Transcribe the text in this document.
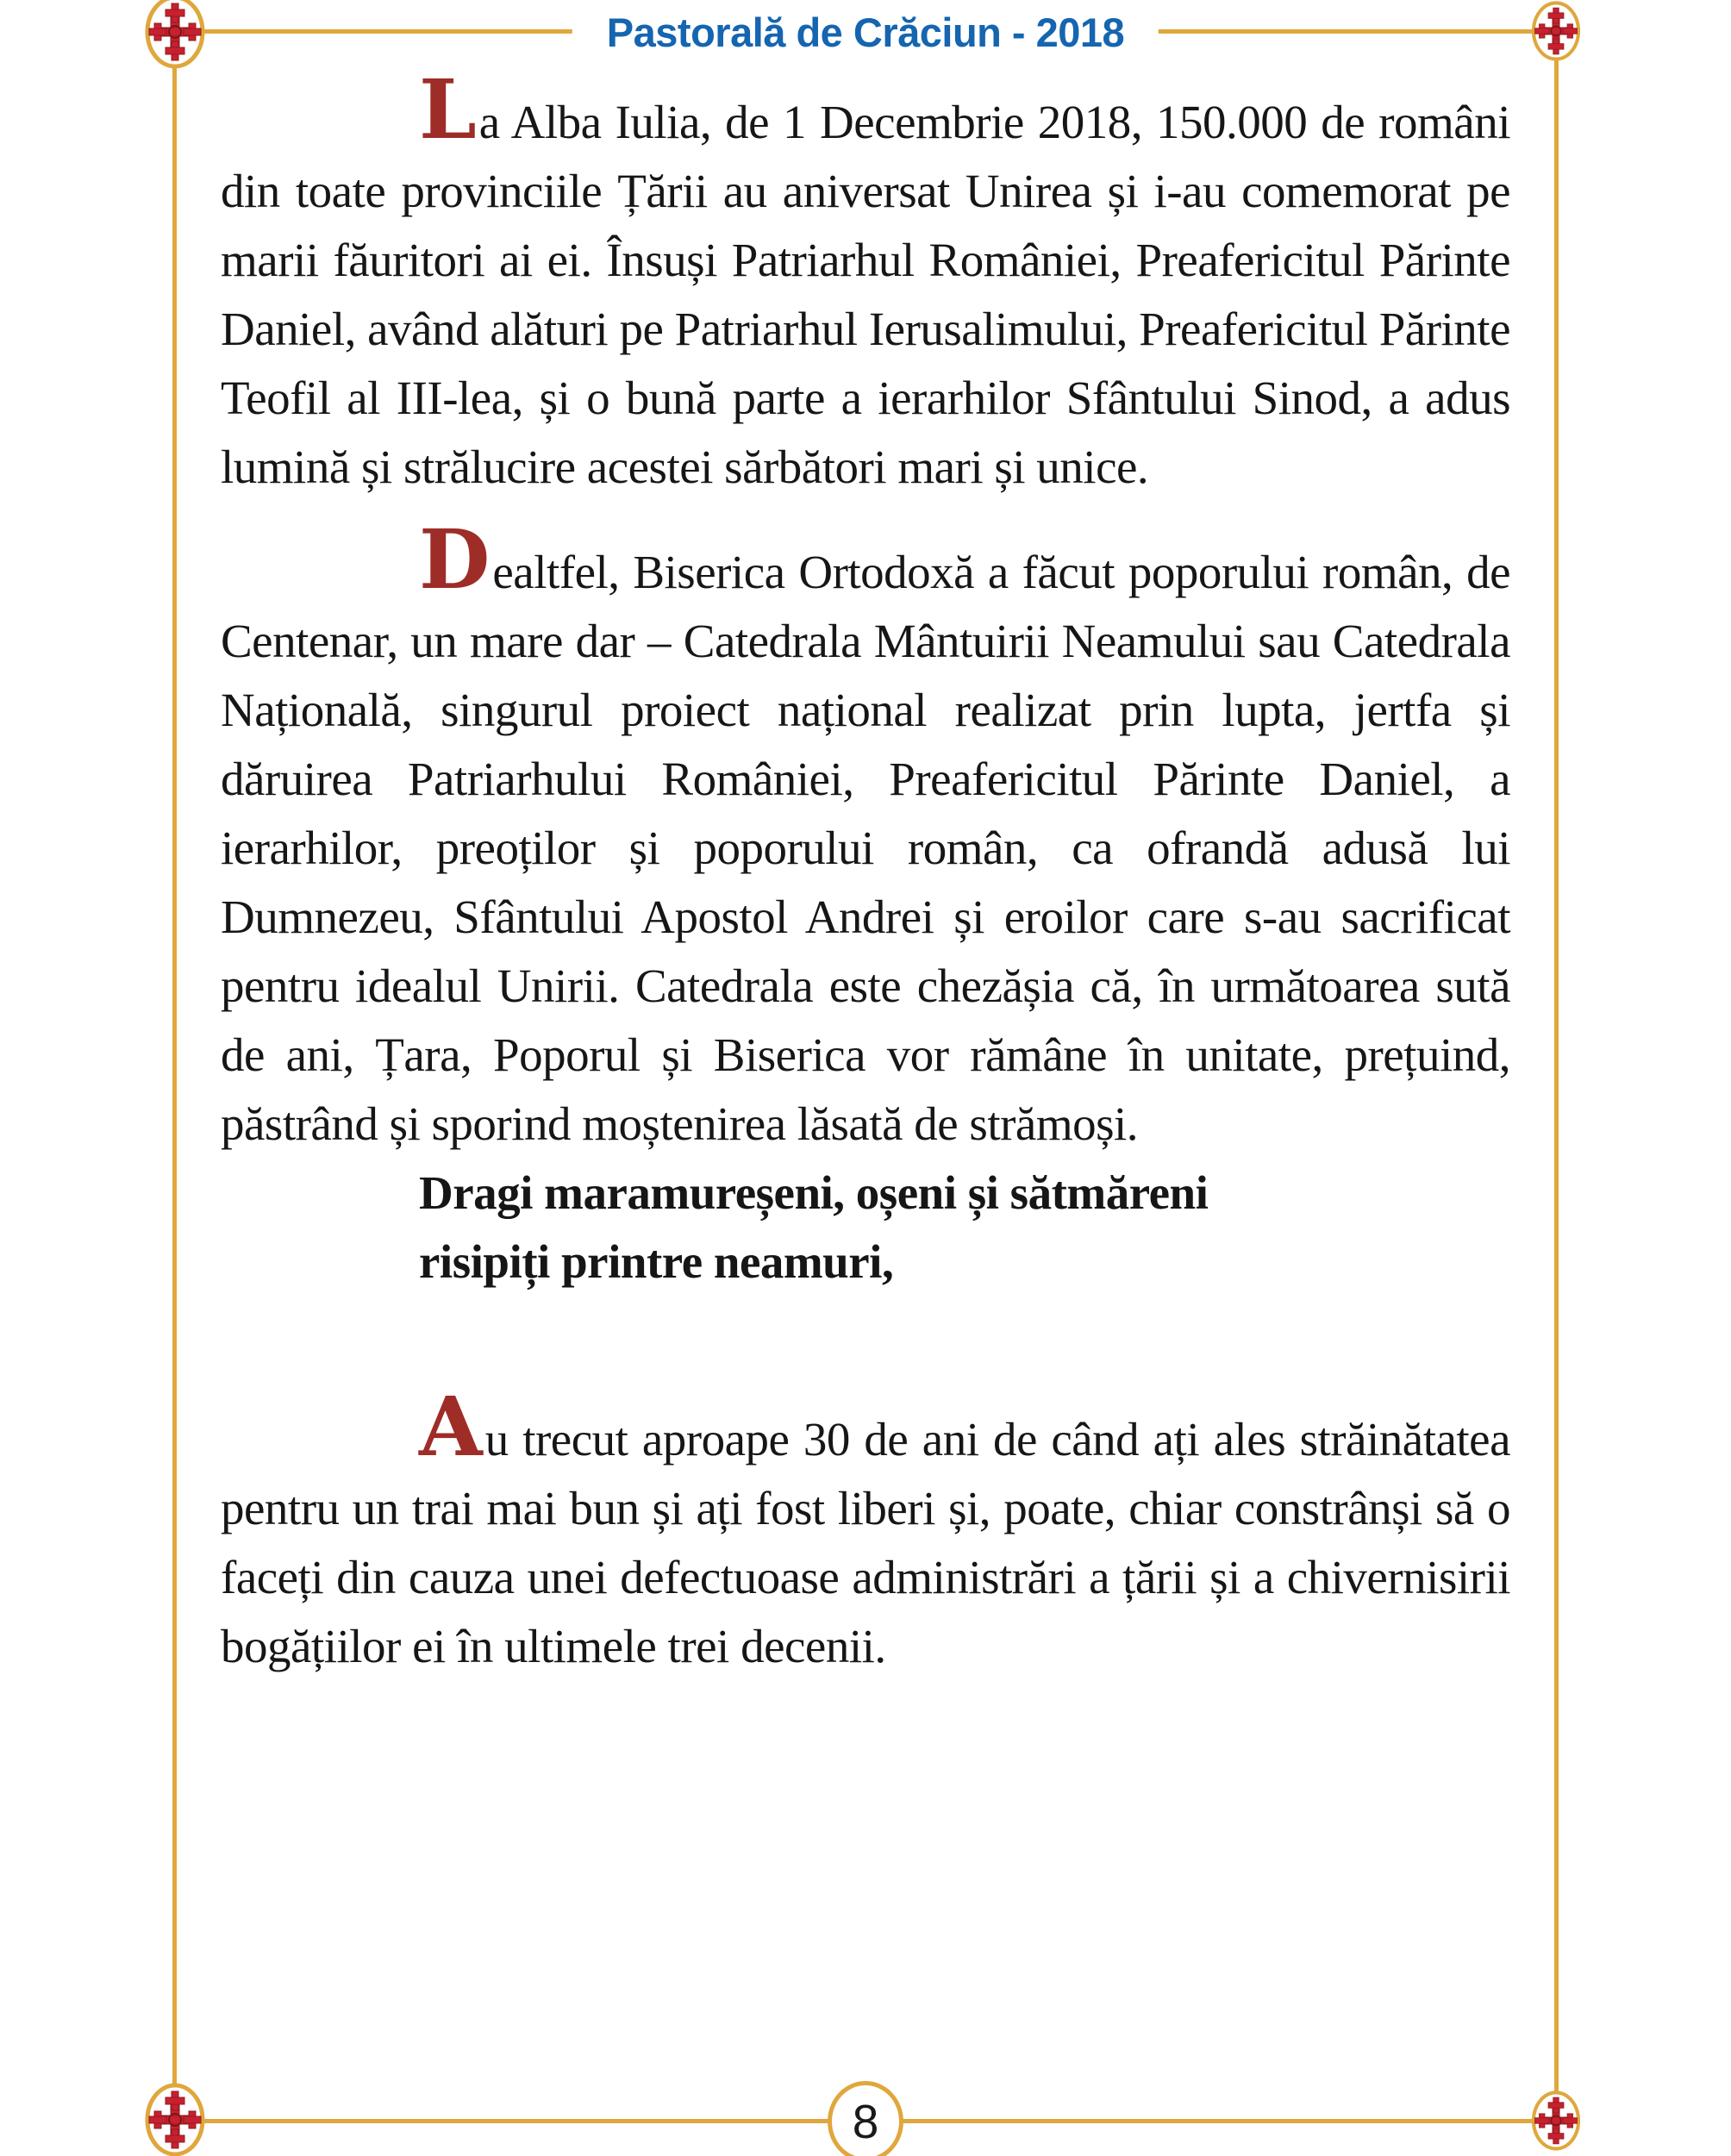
Pastorală de Crăciun - 2018

La Alba Iulia, de 1 Decembrie 2018, 150.000 de români din toate provinciile Țării au aniversat Unirea și i-au comemorat pe marii făuritori ai ei. Însuși Patriarhul României, Preafericitul Părinte Daniel, având alături pe Patriarhul Ierusalimului, Preafericitul Părinte Teofil al III-lea, și o bună parte a ierarhilor Sfântului Sinod, a adus lumină și strălucire acestei sărbători mari și unice.

Dealtfel, Biserica Ortodoxă a făcut poporului român, de Centenar, un mare dar – Catedrala Mântuirii Neamului sau Catedrala Națională, singurul proiect național realizat prin lupta, jertfa și dăruirea Patriarhului României, Preafericitul Părinte Daniel, a ierarhilor, preoților și poporului român, ca ofrandă adusă lui Dumnezeu, Sfântului Apostol Andrei și eroilor care s-au sacrificat pentru idealul Unirii. Catedrala este chezășia că, în următoarea sută de ani, Țara, Poporul și Biserica vor rămâne în unitate, prețuind, păstrând și sporind moștenirea lăsată de strămoși.

Dragi maramureșeni, oșeni și sătmăreni
risipiți printre neamuri,

Au trecut aproape 30 de ani de când ați ales străinătatea pentru un trai mai bun și ați fost liberi și, poate, chiar constrânși să o faceți din cauza unei defectuoase administrări a țării și a chivernisirii bogățiilor ei în ultimele trei decenii.

8
